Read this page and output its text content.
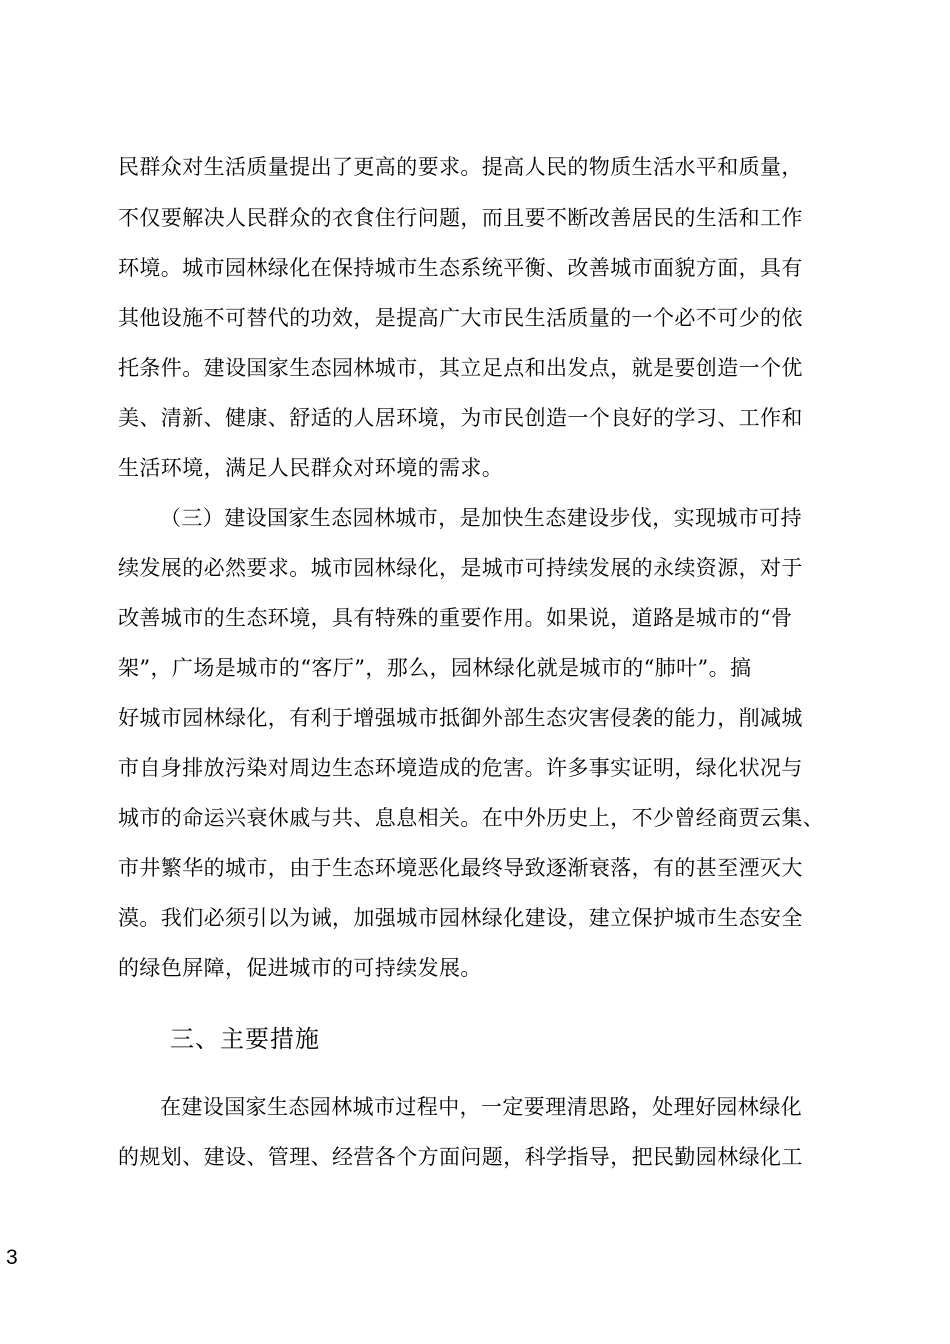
民群众对生活质量提出了更高的要求。提高人民的物质生活水平和质量，
不仅要解决人民群众的衣食住行问题，而且要不断改善居民的生活和工作
环境。城市园林绿化在保持城市生态系统平衡、改善城市面貌方面，具有
其他设施不可替代的功效，是提高广大市民生活质量的一个必不可少的依
托条件。建设国家生态园林城市，其立足点和出发点，就是要创造一个优
美、清新、健康、舒适的人居环境，为市民创造一个良好的学习、工作和
生活环境，满足人民群众对环境的需求。
（三）建设国家生态园林城市，是加快生态建设步伐，实现城市可持
续发展的必然要求。城市园林绿化，是城市可持续发展的永续资源，对于
改善城市的生态环境，具有特殊的重要作用。如果说，道路是城市的“骨
架”，广场是城市的“客厅”，那么，园林绿化就是城市的“肺叶”。搞
好城市园林绿化，有利于增强城市抵御外部生态灾害侵袭的能力，削减城
市自身排放污染对周边生态环境造成的危害。许多事实证明，绿化状况与
城市的命运兴衰休戚与共、息息相关。在中外历史上，不少曾经商贾云集、
市井繁华的城市，由于生态环境恶化最终导致逐渐衰落，有的甚至湮灭大
漠。我们必须引以为诫，加强城市园林绿化建设，建立保护城市生态安全
的绿色屏障，促进城市的可持续发展。
三、主要措施
在建设国家生态园林城市过程中，一定要理清思路，处理好园林绿化
的规划、建设、管理、经营各个方面问题，科学指导，把民勤园林绿化工
3
